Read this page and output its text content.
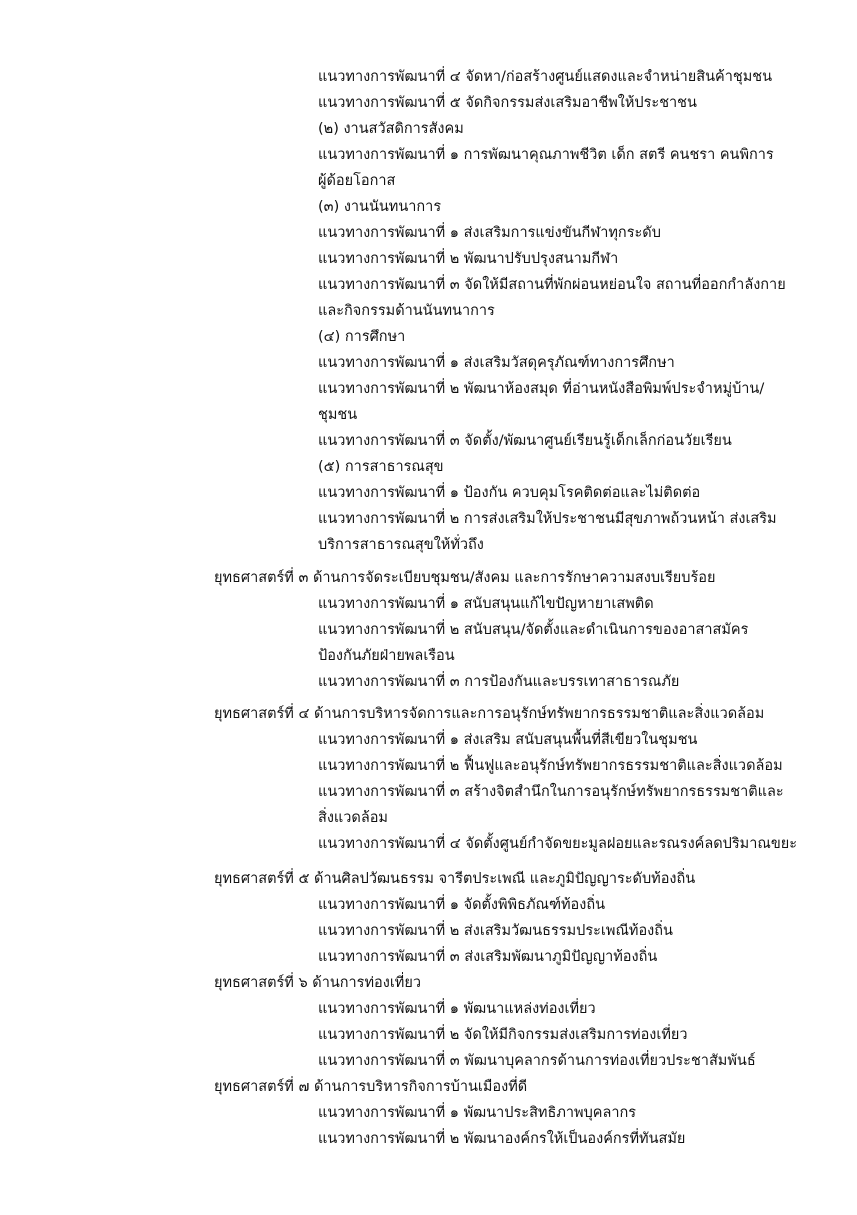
แนวทางการพัฒนาที่ ๔ จัดหา/ก่อสร้างศูนย์แสดงและจำหน่ายสินค้าชุมชน
แนวทางการพัฒนาที่ ๕ จัดกิจกรรมส่งเสริมอาชีพให้ประชาชน
(๒) งานสวัสดิการสังคม
แนวทางการพัฒนาที่ ๑ การพัฒนาคุณภาพชีวิต เด็ก สตรี คนชรา คนพิการ
ผู้ด้อยโอกาส
(๓) งานนันทนาการ
แนวทางการพัฒนาที่ ๑ ส่งเสริมการแข่งขันกีฬาทุกระดับ
แนวทางการพัฒนาที่ ๒ พัฒนาปรับปรุงสนามกีฬา
แนวทางการพัฒนาที่ ๓ จัดให้มีสถานที่พักผ่อนหย่อนใจ สถานที่ออกกำลังกาย
และกิจกรรมด้านนันทนาการ
(๔) การศึกษา
แนวทางการพัฒนาที่ ๑ ส่งเสริมวัสดุครุภัณฑ์ทางการศึกษา
แนวทางการพัฒนาที่ ๒ พัฒนาห้องสมุด ที่อ่านหนังสือพิมพ์ประจำหมู่บ้าน/
ชุมชน
แนวทางการพัฒนาที่ ๓ จัดตั้ง/พัฒนาศูนย์เรียนรู้เด็กเล็กก่อนวัยเรียน
(๕) การสาธารณสุข
แนวทางการพัฒนาที่ ๑ ป้องกัน ควบคุมโรคติดต่อและไม่ติดต่อ
แนวทางการพัฒนาที่ ๒ การส่งเสริมให้ประชาชนมีสุขภาพถ้วนหน้า ส่งเสริม
บริการสาธารณสุขให้ทั่วถึง
ยุทธศาสตร์ที่ ๓ ด้านการจัดระเบียบชุมชน/สังคม และการรักษาความสงบเรียบร้อย
แนวทางการพัฒนาที่ ๑ สนับสนุนแก้ไขปัญหายาเสพติด
แนวทางการพัฒนาที่ ๒ สนับสนุน/จัดตั้งและดำเนินการของอาสาสมัคร
ป้องกันภัยฝ่ายพลเรือน
แนวทางการพัฒนาที่ ๓ การป้องกันและบรรเทาสาธารณภัย
ยุทธศาสตร์ที่ ๔ ด้านการบริหารจัดการและการอนุรักษ์ทรัพยากรธรรมชาติและสิ่งแวดล้อม
แนวทางการพัฒนาที่ ๑ ส่งเสริม สนับสนุนพื้นที่สีเขียวในชุมชน
แนวทางการพัฒนาที่ ๒ ฟื้นฟูและอนุรักษ์ทรัพยากรธรรมชาติและสิ่งแวดล้อม
แนวทางการพัฒนาที่ ๓ สร้างจิตสำนึกในการอนุรักษ์ทรัพยากรธรรมชาติและ
สิ่งแวดล้อม
แนวทางการพัฒนาที่ ๔ จัดตั้งศูนย์กำจัดขยะมูลฝอยและรณรงค์ลดปริมาณขยะ
ยุทธศาสตร์ที่ ๕ ด้านศิลปวัฒนธรรม จารีตประเพณี และภูมิปัญญาระดับท้องถิ่น
แนวทางการพัฒนาที่ ๑ จัดตั้งพิพิธภัณฑ์ท้องถิ่น
แนวทางการพัฒนาที่ ๒ ส่งเสริมวัฒนธรรมประเพณีท้องถิ่น
แนวทางการพัฒนาที่ ๓ ส่งเสริมพัฒนาภูมิปัญญาท้องถิ่น
ยุทธศาสตร์ที่ ๖ ด้านการท่องเที่ยว
แนวทางการพัฒนาที่ ๑ พัฒนาแหล่งท่องเที่ยว
แนวทางการพัฒนาที่ ๒ จัดให้มีกิจกรรมส่งเสริมการท่องเที่ยว
แนวทางการพัฒนาที่ ๓ พัฒนาบุคลากรด้านการท่องเที่ยวประชาสัมพันธ์
ยุทธศาสตร์ที่ ๗ ด้านการบริหารกิจการบ้านเมืองที่ดี
แนวทางการพัฒนาที่ ๑ พัฒนาประสิทธิภาพบุคลากร
แนวทางการพัฒนาที่ ๒ พัฒนาองค์กรให้เป็นองค์กรที่ทันสมัย
